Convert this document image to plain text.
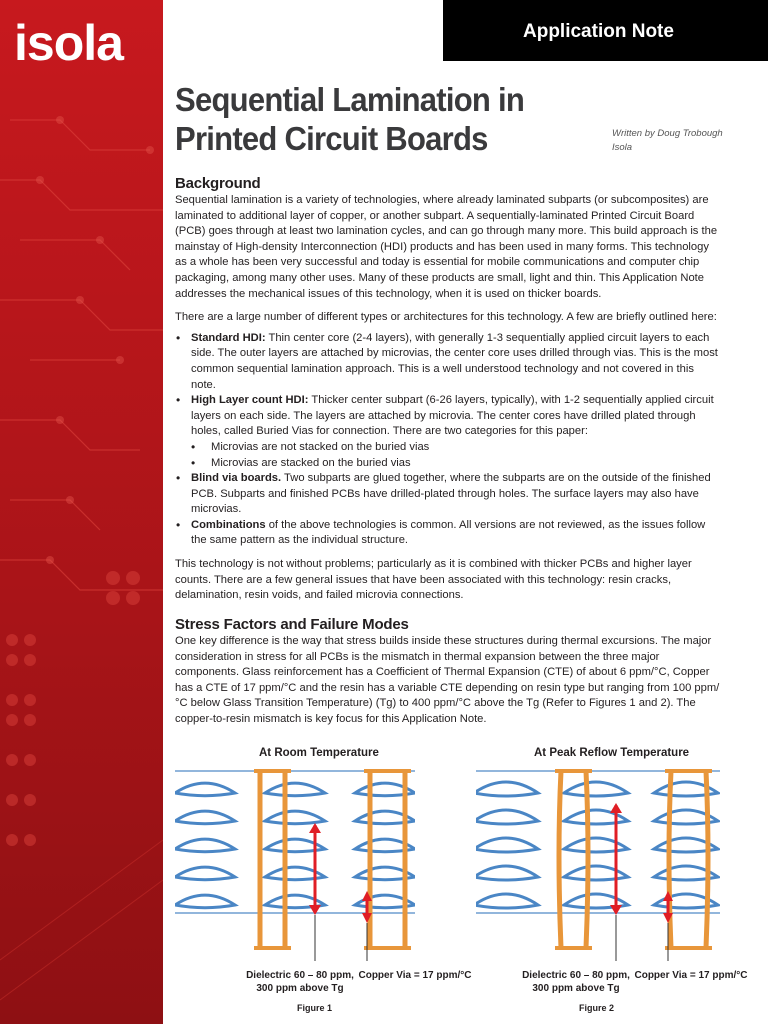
isola	Application Note
Sequential Lamination in Printed Circuit Boards	Written by Doug Trobough
Isola
Background

Sequential lamination is a variety of technologies, where already laminated subparts (or subcomposites) are laminated to additional layer of copper, or another subpart. A sequentially-laminated Printed Circuit Board (PCB) goes through at least two lamination cycles, and can go through many more. This build approach is the mainstay of High-density Interconnection (HDI) products and has been used in many forms. This technology as a whole has been very successful and today is essential for mobile communications and computer chip packaging, among many other uses. Many of these products are small, light and thin. This Application Note addresses the mechanical issues of this technology, when it is used on thicker boards.

There are a large number of different types or architectures for this technology. A few are briefly outlined here:

• Standard HDI: Thin center core (2-4 layers), with generally 1-3 sequentially applied circuit layers to each side. The outer layers are attached by microvias, the center core uses drilled through vias. This is the most common sequential lamination approach. This is a well understood technology and not covered in this note.
• High Layer count HDI: Thicker center subpart (6-26 layers, typically), with 1-2 sequentially applied circuit layers on each side. The layers are attached by microvia. The center cores have drilled plated through holes, called Buried Vias for connection. There are two categories for this paper:
• Microvias are not stacked on the buried vias
• Microvias are stacked on the buried vias
• Blind via boards. Two subparts are glued together, where the subparts are on the outside of the finished PCB. Subparts and finished PCBs have drilled-plated through holes. The surface layers may also have microvias.
• Combinations of the above technologies is common. All versions are not reviewed, as the issues follow the same pattern as the individual structure.

This technology is not without problems; particularly as it is combined with thicker PCBs and higher layer counts. There are a few general issues that have been associated with this technology: resin cracks, delamination, resin voids, and failed microvia connections.

Stress Factors and Failure Modes

One key difference is the way that stress builds inside these structures during thermal excursions. The major consideration in stress for all PCBs is the mismatch in thermal expansion between the three major components. Glass reinforcement has a Coefficient of Thermal Expansion (CTE) of about 6 ppm/°C, Copper has a CTE of 17 ppm/°C and the resin has a variable CTE depending on resin type but ranging from 100 ppm/°C below Glass Transition Temperature) (Tg) to 400 ppm/°C above the Tg (Refer to Figures 1 and 2). The copper-to-resin mismatch is key focus for this Application Note.

At Room Temperature
Dielectric 60 – 80 ppm,
300 ppm above Tg
Copper Via = 17 ppm/°C
Figure 1
At Peak Reflow Temperature
Dielectric 60 – 80 ppm,
300 ppm above Tg
Copper Via = 17 ppm/°C
Figure 2
